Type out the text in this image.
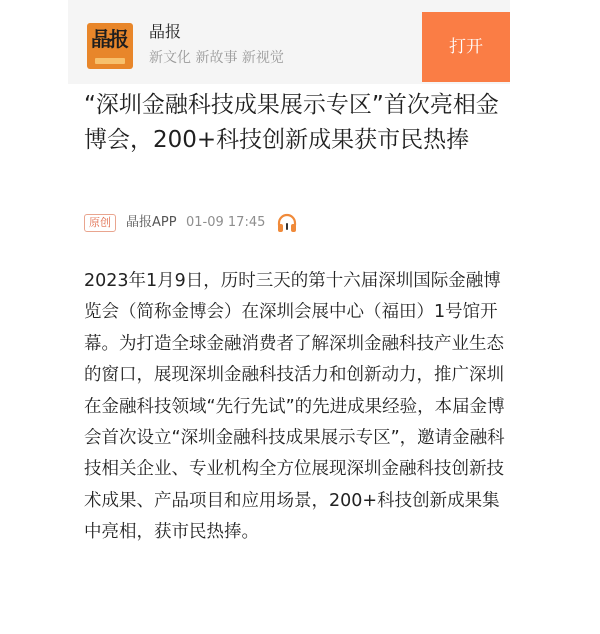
晶报 晶报
新文化 新故事 新视觉
打开
“深圳金融科技成果展示专区”首次亮相金博会，200+科技创新成果获市民热捧
原创	晶报APP 01-09 17:45

2023年1月9日，历时三天的第十六届深圳国际金融博览会（简称金博会）在深圳会展中心（福田）1号馆开幕。为打造全球金融消费者了解深圳金融科技产业生态的窗口，展现深圳金融科技活力和创新动力，推广深圳在金融科技领域“先行先试”的先进成果经验，本届金博会首次设立“深圳金融科技成果展示专区”，邀请金融科技相关企业、专业机构全方位展现深圳金融科技创新技术成果、产品项目和应用场景，200+科技创新成果集中亮相，获市民热捧。
